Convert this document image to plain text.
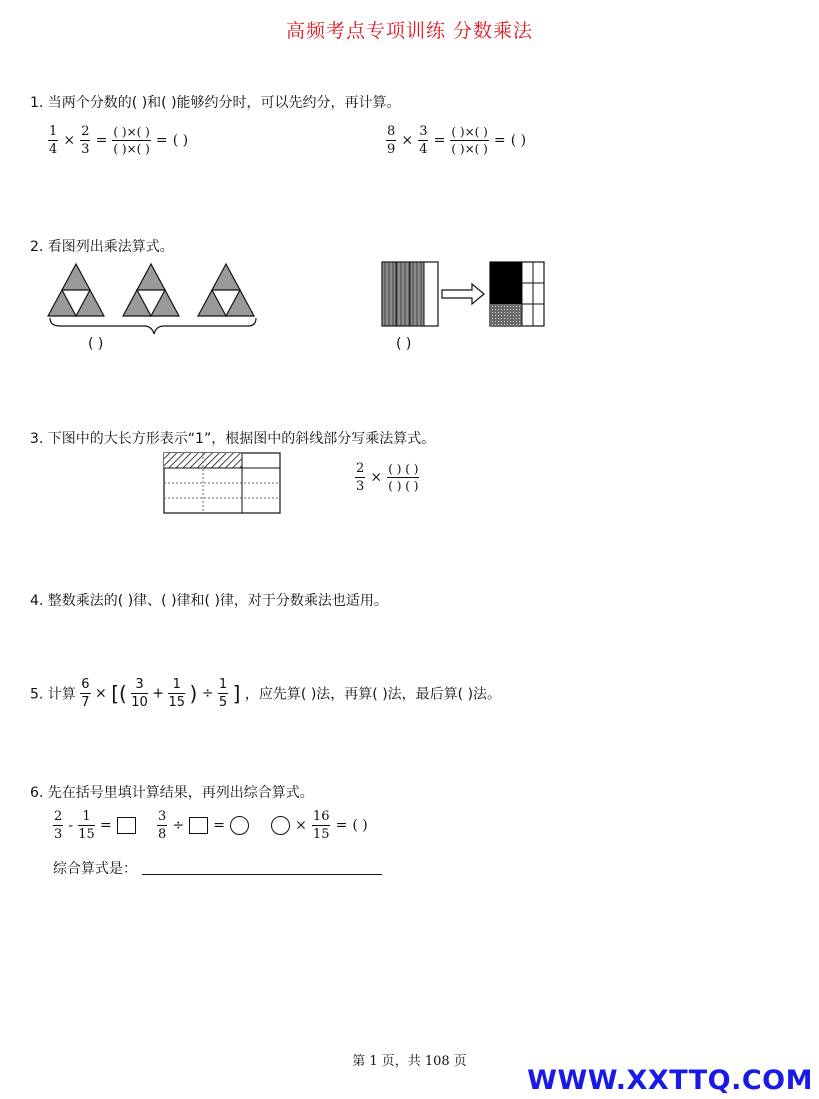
高频考点专项训练 分数乘法
1. 当两个分数的( )和( )能够约分时，可以先约分，再计算。
$\frac{1}{4} \times \frac{2}{3} = \frac{( )\times( )}{( )\times( )}$ = ( )	$\frac{8}{9} \times \frac{3}{4} = \frac{( )\times( )}{( )\times( )}$ = ( )
2. 看图列出乘法算式。
( )	( )
3. 下图中的大长方形表示“1”，根据图中的斜线部分写乘法算式。
$\frac{2}{3} \times \frac{( ) ( )}{( ) ( )}$
4. 整数乘法的( )律、( )律和( )律，对于分数乘法也适用。
5. 计算 $\frac{6}{7}$ × [( $\frac{3}{10} + \frac{1}{15}$ ) ÷ $\frac{1}{5}$ ] ，应先算( )法，再算( )法，最后算( )法。
6. 先在括号里填计算结果，再列出综合算式。
$\frac{2}{3} - \frac{1}{15}$ =	$\frac{3}{8}$ ÷ =	× $\frac{16}{15}$ = ( )
综合算式是：
第 1 页，共 108 页
WWW.XXTTQ.COM
